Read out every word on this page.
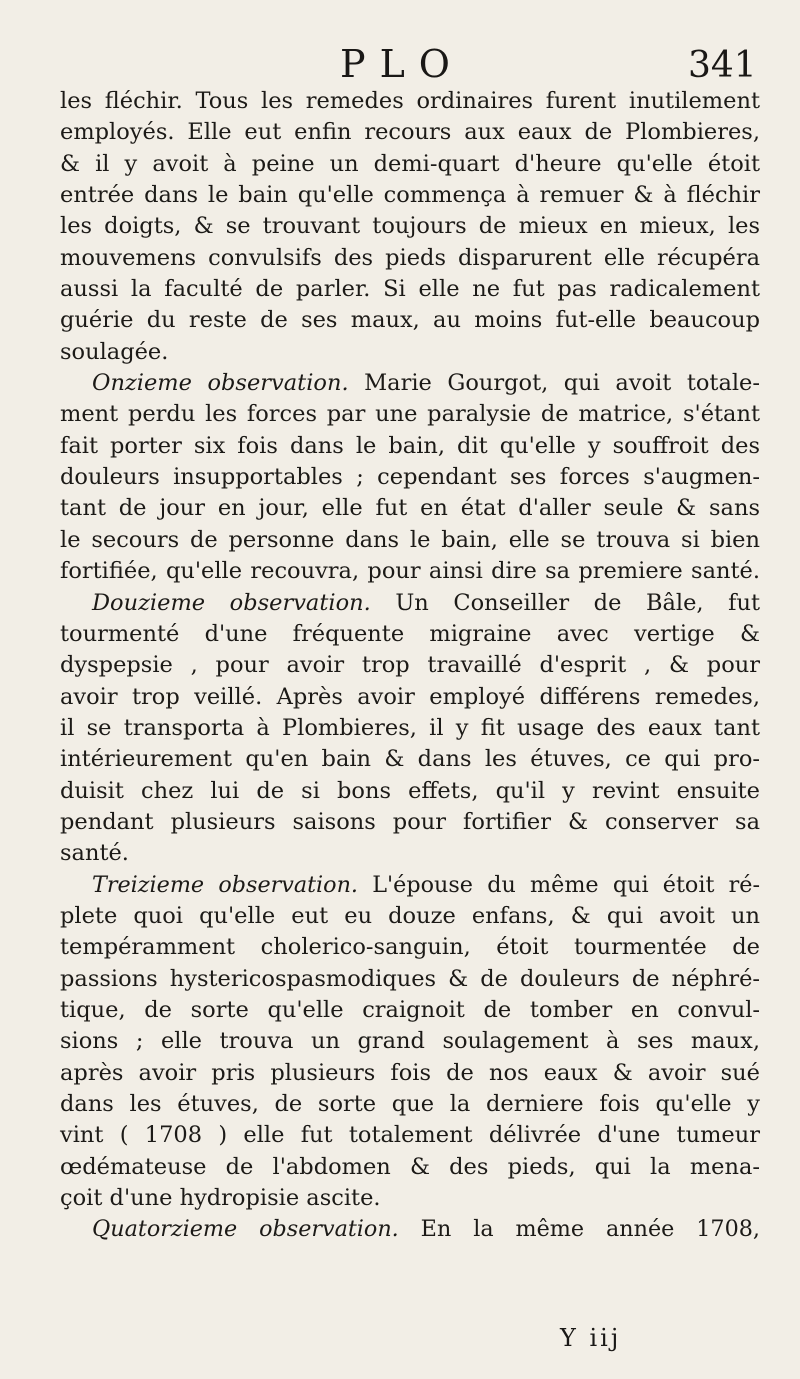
PLO	341
les fléchir. Tous les remedes ordinaires furent inutilement
employés. Elle eut enfin recours aux eaux de Plombieres,
& il y avoit à peine un demi-quart d'heure qu'elle étoit
entrée dans le bain qu'elle commença à remuer & à fléchir
les doigts, & se trouvant toujours de mieux en mieux, les
mouvemens convulsifs des pieds disparurent elle récupéra
aussi la faculté de parler. Si elle ne fut pas radicalement
guérie du reste de ses maux, au moins fut-elle beaucoup
soulagée.
Onzieme observation. Marie Gourgot, qui avoit totale-
ment perdu les forces par une paralysie de matrice, s'étant
fait porter six fois dans le bain, dit qu'elle y souffroit des
douleurs insupportables ; cependant ses forces s'augmen-
tant de jour en jour, elle fut en état d'aller seule & sans
le secours de personne dans le bain, elle se trouva si bien
fortifiée, qu'elle recouvra, pour ainsi dire sa premiere santé.
Douzieme observation. Un Conseiller de Bâle, fut
tourmenté d'une fréquente migraine avec vertige &
dyspepsie , pour avoir trop travaillé d'esprit , & pour
avoir trop veillé. Après avoir employé différens remedes,
il se transporta à Plombieres, il y fit usage des eaux tant
intérieurement qu'en bain & dans les étuves, ce qui pro-
duisit chez lui de si bons effets, qu'il y revint ensuite
pendant plusieurs saisons pour fortifier & conserver sa
santé.
Treizieme observation. L'épouse du même qui étoit ré-
plete quoi qu'elle eut eu douze enfans, & qui avoit un
tempéramment cholerico-sanguin, étoit tourmentée de
passions hystericospasmodiques & de douleurs de néphré-
tique, de sorte qu'elle craignoit de tomber en convul-
sions ; elle trouva un grand soulagement à ses maux,
après avoir pris plusieurs fois de nos eaux & avoir sué
dans les étuves, de sorte que la derniere fois qu'elle y
vint ( 1708 ) elle fut totalement délivrée d'une tumeur
œdémateuse de l'abdomen & des pieds, qui la mena-
çoit d'une hydropisie ascite.
Quatorzieme observation. En la même année 1708,
Y iij
